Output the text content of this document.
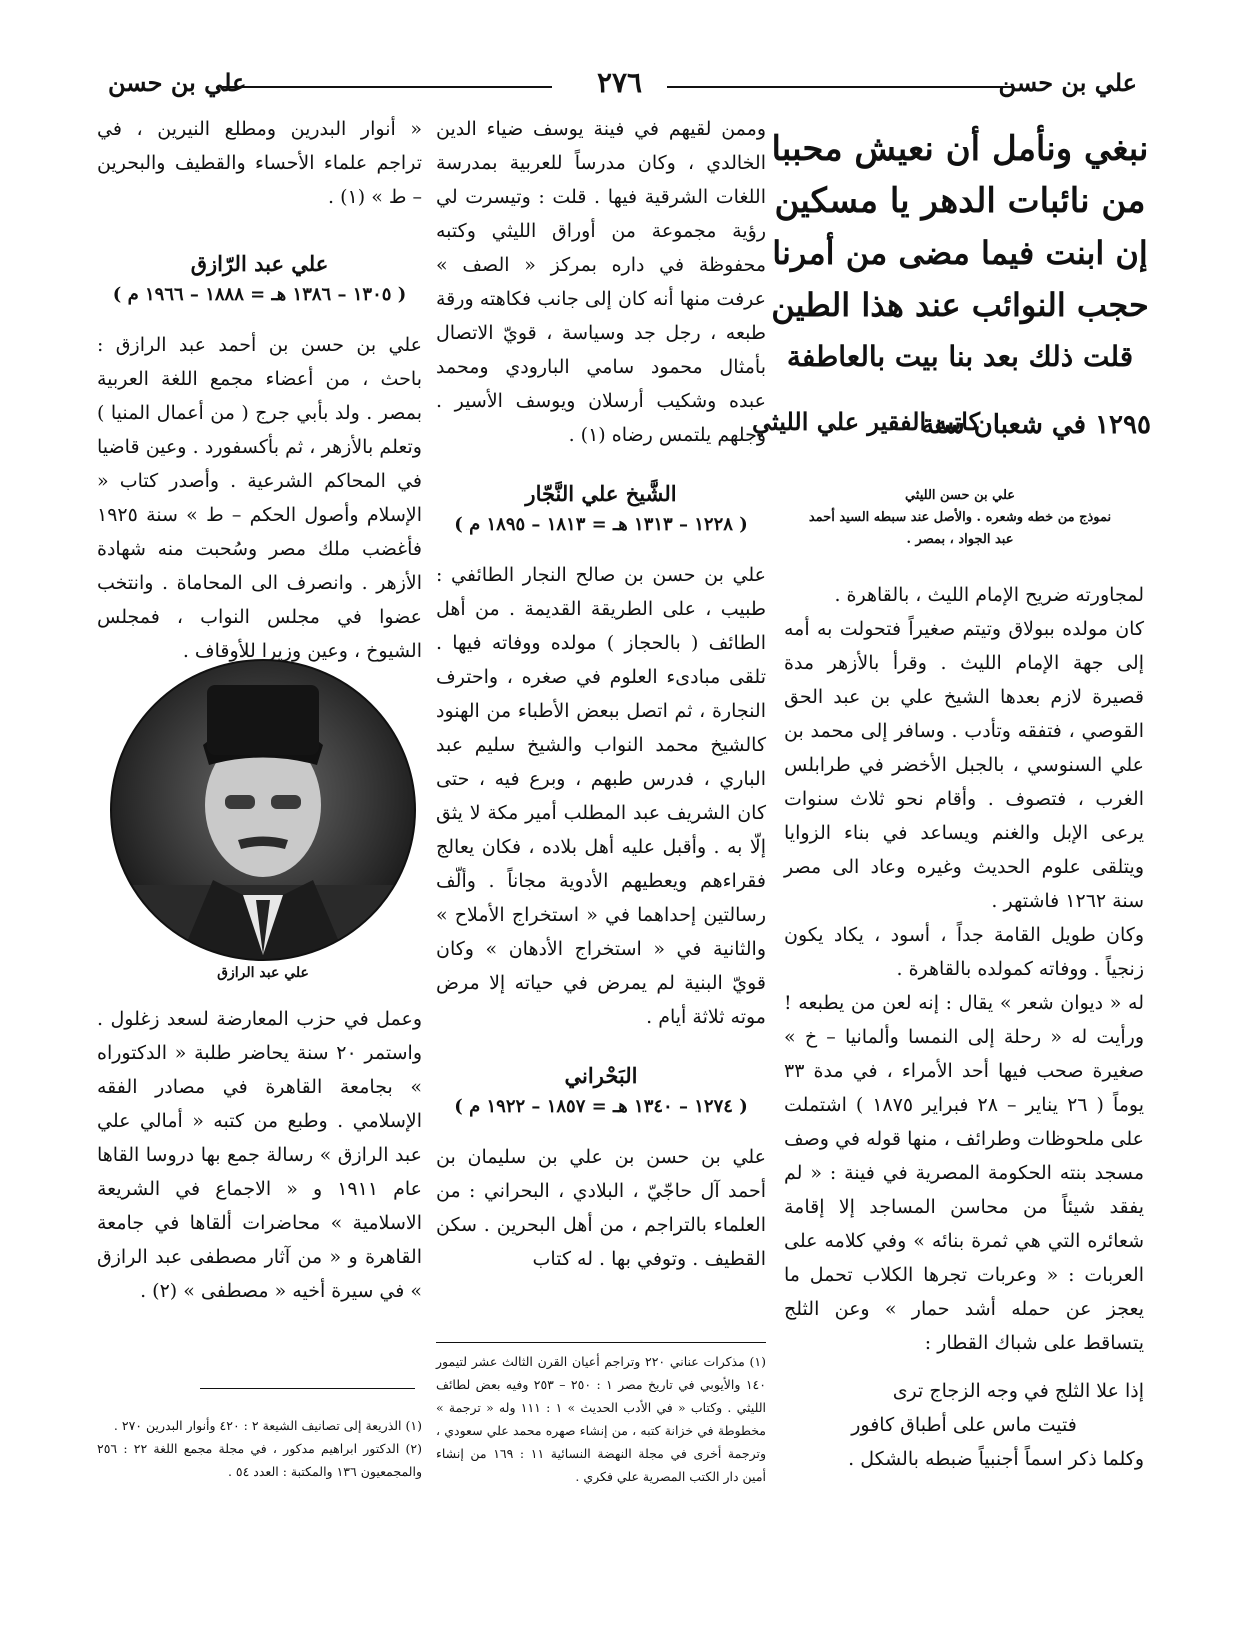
علي بن حسن
٢٧٦
علي بن حسن
نبغي ونأمل أن نعيش محببا
من نائبات الدهر يا مسكين
إن ابنت فيما مضى من أمرنا
حجب النوائب عند هذا الطين
قلت ذلك بعد بنا بيت بالعاطفة
كاتبه الفقير علي الليثي
١٢٩٥ في شعبان سنة
علي بن حسن الليثي
نموذج من خطه وشعره . والأصل عند سبطه السيد أحمد
عبد الجواد ، بمصر .

لمجاورته ضريح الإمام الليث ، بالقاهرة .

كان مولده ببولاق وتيتم صغيراً فتحولت به أمه إلى جهة الإمام الليث . وقرأ بالأزهر مدة قصيرة لازم بعدها الشيخ علي بن عبد الحق القوصي ، فتفقه وتأدب . وسافر إلى محمد بن علي السنوسي ، بالجبل الأخضر في طرابلس الغرب ، فتصوف . وأقام نحو ثلاث سنوات يرعى الإبل والغنم ويساعد في بناء الزوايا ويتلقى علوم الحديث وغيره وعاد الى مصر سنة ١٢٦٢ فاشتهر .

وكان طويل القامة جداً ، أسود ، يكاد يكون زنجياً . ووفاته كمولده بالقاهرة .

له « ديوان شعر » يقال : إنه لعن من يطبعه ! ورأيت له « رحلة إلى النمسا وألمانيا – خ » صغيرة صحب فيها أحد الأمراء ، في مدة ٣٣ يوماً ( ٢٦ يناير – ٢٨ فبراير ١٨٧٥ ) اشتملت على ملحوظات وطرائف ، منها قوله في وصف مسجد بنته الحكومة المصرية في فينة : « لم يفقد شيئاً من محاسن المساجد إلا إقامة شعائره التي هي ثمرة بنائه » وفي كلامه على العربات : « وعربات تجرها الكلاب تحمل ما يعجز عن حمله أشد حمار » وعن الثلج يتساقط على شباك القطار :

إذا علا الثلج في وجه الزجاج ترى

فتيت ماس على أطباق كافور

وكلما ذكر اسماً أجنبياً ضبطه بالشكل .

وممن لقيهم في فينة يوسف ضياء الدين الخالدي ، وكان مدرساً للعربية بمدرسة اللغات الشرقية فيها . قلت : وتيسرت لي رؤية مجموعة من أوراق الليثي وكتبه محفوظة في داره بمركز « الصف » عرفت منها أنه كان إلى جانب فكاهته ورقة طبعه ، رجل جد وسياسة ، قويّ الاتصال بأمثال محمود سامي البارودي ومحمد عبده وشكيب أرسلان ويوسف الأسير . وجلهم يلتمس رضاه (١) .

الشَّيخ علي النَّجّار
( ١٢٢٨ – ١٣١٣ هـ = ١٨١٣ – ١٨٩٥ م )

علي بن حسن بن صالح النجار الطائفي : طبيب ، على الطريقة القديمة . من أهل الطائف ( بالحجاز ) مولده ووفاته فيها . تلقى مبادىء العلوم في صغره ، واحترف النجارة ، ثم اتصل ببعض الأطباء من الهنود كالشيخ محمد النواب والشيخ سليم عبد الباري ، فدرس طبهم ، وبرع فيه ، حتى كان الشريف عبد المطلب أمير مكة لا يثق إلّا به . وأقبل عليه أهل بلاده ، فكان يعالج فقراءهم ويعطيهم الأدوية مجاناً . وألّف رسالتين إحداهما في « استخراج الأملاح » والثانية في « استخراج الأدهان » وكان قويّ البنية لم يمرض في حياته إلا مرض موته ثلاثة أيام .

البَحْراني
( ١٢٧٤ – ١٣٤٠ هـ = ١٨٥٧ – ١٩٢٢ م )

علي بن حسن بن علي بن سليمان بن أحمد آل حاجّيّ ، البلادي ، البحراني : من العلماء بالتراجم ، من أهل البحرين . سكن القطيف . وتوفي بها . له كتاب

(١) مذكرات عناني ٢٢٠ وتراجم أعيان القرن الثالث عشر لتيمور ١٤٠ والأيوبي في تاريخ مصر ١ : ٢٥٠ – ٢٥٣ وفيه بعض لطائف الليثي . وكتاب « في الأدب الحديث » ١ : ١١١ وله « ترجمة » مخطوطة في خزانة كتبه ، من إنشاء صهره محمد علي سعودي ، وترجمة أخرى في مجلة النهضة النسائية ١١ : ١٦٩ من إنشاء أمين دار الكتب المصرية علي فكري .

« أنوار البدرين ومطلع النيرين ، في تراجم علماء الأحساء والقطيف والبحرين – ط » (١) .

علي عبد الرّازق
( ١٣٠٥ – ١٣٨٦ هـ = ١٨٨٨ – ١٩٦٦ م )

علي بن حسن بن أحمد عبد الرازق : باحث ، من أعضاء مجمع اللغة العربية بمصر . ولد بأبي جرج ( من أعمال المنيا ) وتعلم بالأزهر ، ثم بأكسفورد . وعين قاضيا في المحاكم الشرعية . وأصدر كتاب « الإسلام وأصول الحكم – ط » سنة ١٩٢٥ فأغضب ملك مصر وسُحبت منه شهادة الأزهر . وانصرف الى المحاماة . وانتخب عضوا في مجلس النواب ، فمجلس الشيوخ ، وعين وزيرا للأوقاف .

علي عبد الرازق

وعمل في حزب المعارضة لسعد زغلول . واستمر ٢٠ سنة يحاضر طلبة « الدكتوراه » بجامعة القاهرة في مصادر الفقه الإسلامي . وطبع من كتبه « أمالي علي عبد الرازق » رسالة جمع بها دروسا القاها عام ١٩١١ و « الاجماع في الشريعة الاسلامية » محاضرات ألقاها في جامعة القاهرة و « من آثار مصطفى عبد الرازق » في سيرة أخيه « مصطفى » (٢) .

(١) الذريعة إلى تصانيف الشيعة ٢ : ٤٢٠ وأنوار البدرين ٢٧٠ .

(٢) الدكتور ابراهيم مدكور ، في مجلة مجمع اللغة ٢٢ : ٢٥٦ والمجمعيون ١٣٦ والمكتبة : العدد ٥٤ .
